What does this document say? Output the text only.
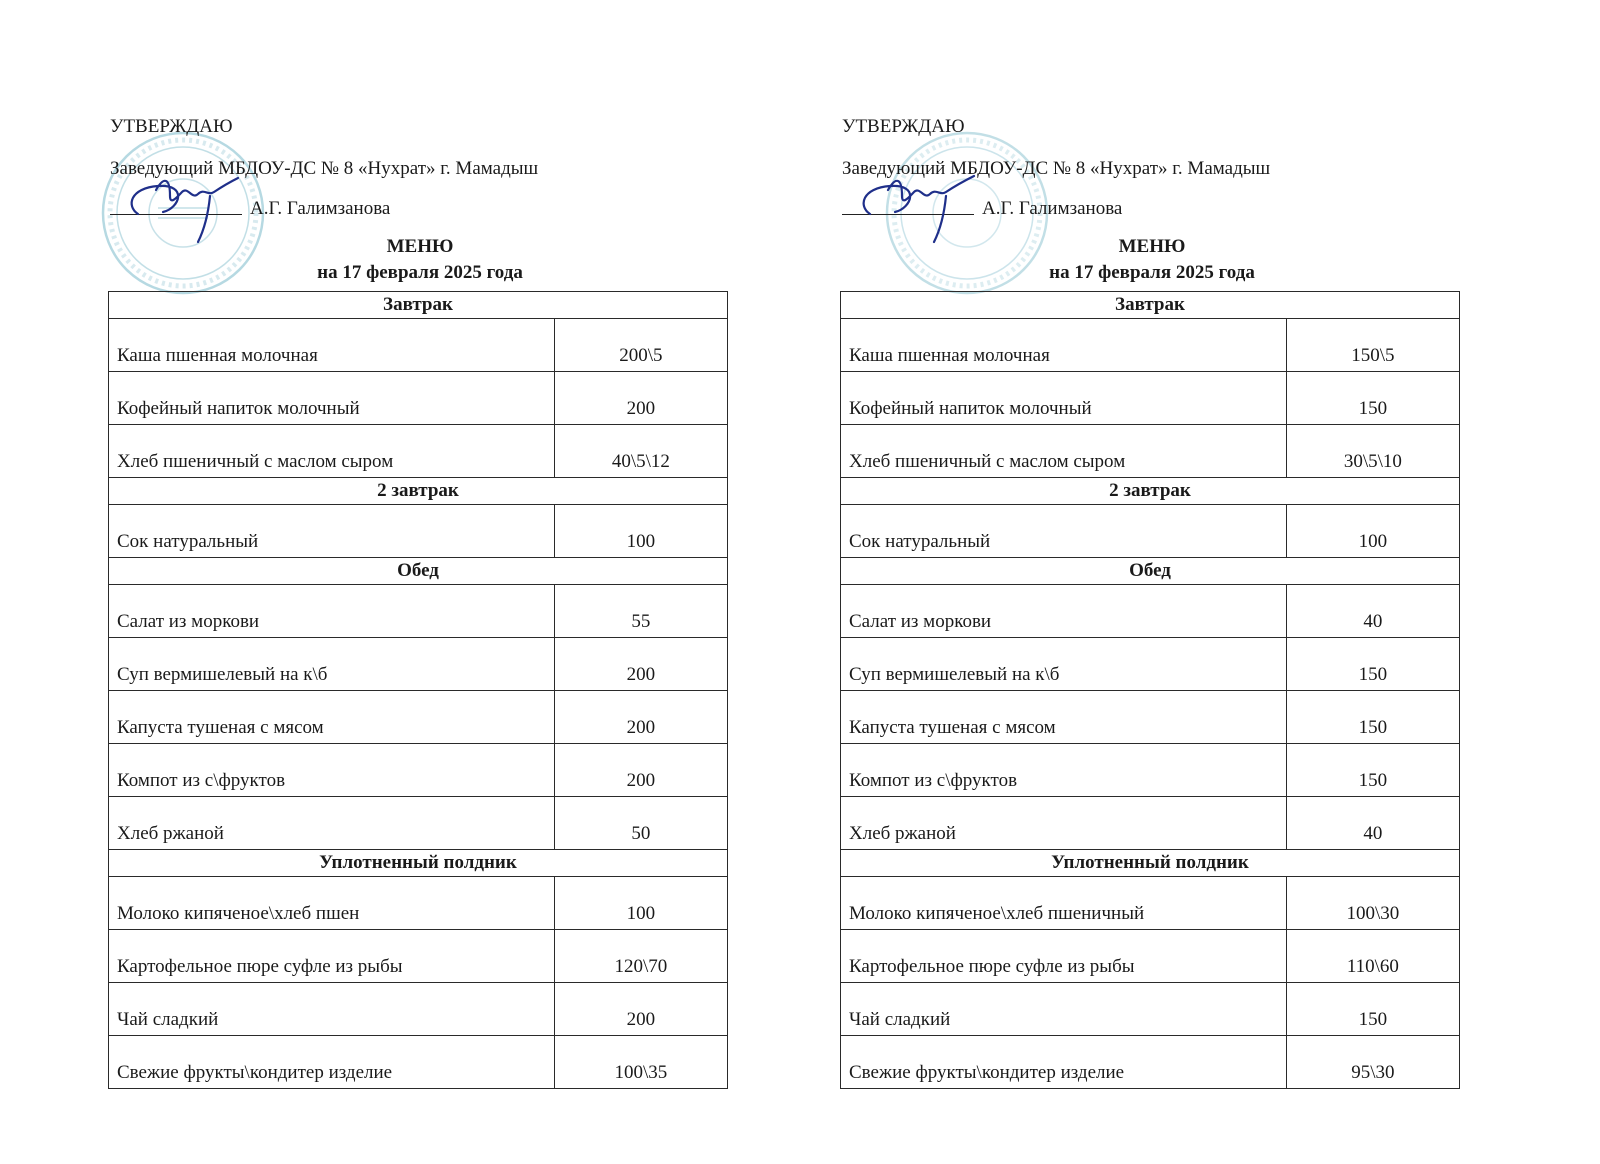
УТВЕРЖДАЮ
Заведующий МБДОУ-ДС № 8 «Нухрат» г. Мамадыш
А.Г. Галимзанова
МЕНЮ
на 17 февраля 2025 года
Завтрак	
Каша пшенная молочная	200\5
Кофейный напиток молочный	200
Хлеб пшеничный с маслом сыром	40\5\12
2 завтрак	
Сок натуральный	100
Обед	
Салат из моркови	55
Суп вермишелевый на к\б	200
Капуста тушеная с мясом	200
Компот из с\фруктов	200
Хлеб ржаной	50
Уплотненный полдник	
Молоко кипяченое\хлеб пшен	100
Картофельное пюре суфле из рыбы	120\70
Чай сладкий	200
Свежие фрукты\кондитер изделие	100\35
УТВЕРЖДАЮ
Заведующий МБДОУ-ДС № 8 «Нухрат» г. Мамадыш
А.Г. Галимзанова
МЕНЮ
на 17 февраля 2025 года
Завтрак	
Каша пшенная молочная	150\5
Кофейный напиток молочный	150
Хлеб пшеничный с маслом сыром	30\5\10
2 завтрак	
Сок натуральный	100
Обед	
Салат из моркови	40
Суп вермишелевый на к\б	150
Капуста тушеная с мясом	150
Компот из с\фруктов	150
Хлеб ржаной	40
Уплотненный полдник	
Молоко кипяченое\хлеб пшеничный	100\30
Картофельное пюре суфле из рыбы	110\60
Чай сладкий	150
Свежие фрукты\кондитер изделие	95\30
